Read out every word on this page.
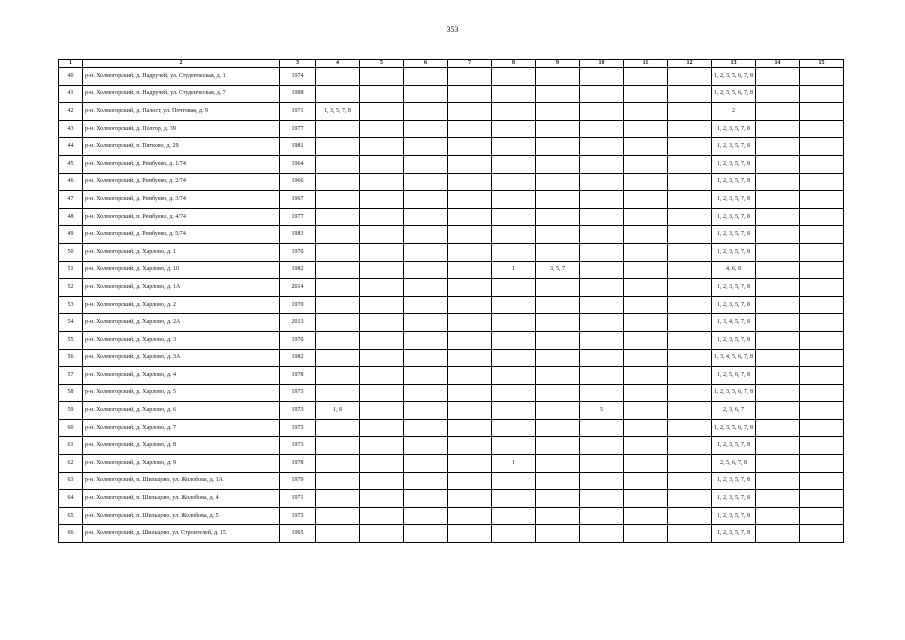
353
1	2	3	4	5	6	7	8	9	10	11	12	13	14	15
40	р-н. Холмогорский, д. Надручей, ул. Студенческая, д. 1	1974										1, 2, 3, 5, 6, 7, 8		
41	р-н. Холмогорский, п. Надручей, ул. Студенческая, д. 7	1988										1, 2, 3, 5, 6, 7, 8		
42	р-н. Холмогорский, д. Палост, ул. Почтовая, д. 9	1971	1, 3, 5, 7, 8									2		
43	р-н. Холмогорский, д. Полгор, д. 39	1977										1, 2, 3, 5, 7, 8		
44	р-н. Холмогорский, п. Пятково, д. 29	1981										1, 2, 3, 5, 7, 8		
45	р-н. Холмогорский, д. Рембуево, д. 1/74	1964										1, 2, 3, 5, 7, 8		
46	р-н. Холмогорский, д. Рембуево, д. 2/74	1966										1, 2, 3, 5, 7, 8		
47	р-н. Холмогорский, д. Рембуево, д. 3/74	1967										1, 2, 3, 5, 7, 8		
48	р-н. Холмогорский, п. Рембуево, д. 4/74	1977										1, 2, 3, 5, 7, 8		
49	р-н. Холмогорский, д. Рембуево, д. 5/74	1983										1, 2, 3, 5, 7, 8		
50	р-н. Холмогорский, д. Харлово, д. 1	1970										1, 2, 3, 5, 7, 8		
51	р-н. Холмогорский, д. Харлово, д. 10	1982					1	3, 5, 7				4, 6, 8		
52	р-н. Холмогорский, д. Харлово, д. 1А	2014										1, 2, 3, 5, 7, 8		
53	р-н. Холмогорский, д. Харлово, д. 2	1970										1, 2, 3, 5, 7, 8		
54	р-н. Холмогорский, д. Харлово, д. 2А	2013										1, 3, 4, 5, 7, 8		
55	р-н. Холмогорский, д. Харлово, д. 3	1970										1, 2, 3, 5, 7, 8		
56	р-н. Холмогорский, д. Харлово, д. 3А	1982										1, 3, 4, 5, 6, 7, 8		
57	р-н. Холмогорский, д. Харлово, д. 4	1978										1, 2, 5, 6, 7, 8		
58	р-н. Холмогорский, д. Харлово, д. 5	1973										1, 2, 3, 5, 6, 7, 8		
59	р-н. Холмогорский, д. Харлово, д. 6	1973	1, 8						5			2, 3, 6, 7		
60	р-н. Холмогорский, д. Харлово, д. 7	1973										1, 2, 3, 5, 6, 7, 8		
61	р-н. Холмогорский, д. Харлово, д. 8	1973										1, 2, 3, 5, 7, 8		
62	р-н. Холмогорский, д. Харлово, д. 9	1978					1					2, 5, 6, 7, 8		
63	р-н. Холмогорский, п. Шильцово, ул. Жолобова, д. 1А	1979										1, 2, 3, 5, 7, 8		
64	р-н. Холмогорский, п. Шильцово, ул. Жолобова, д. 4	1971										1, 2, 3, 5, 7, 8		
65	р-н. Холмогорский, п. Шильцово, ул. Жолобова, д. 5	1973										1, 2, 3, 5, 7, 8		
66	р-н. Холмогорский, д. Шильцово, ул. Строителей, д. 15	1965										1, 2, 3, 5, 7, 8		
